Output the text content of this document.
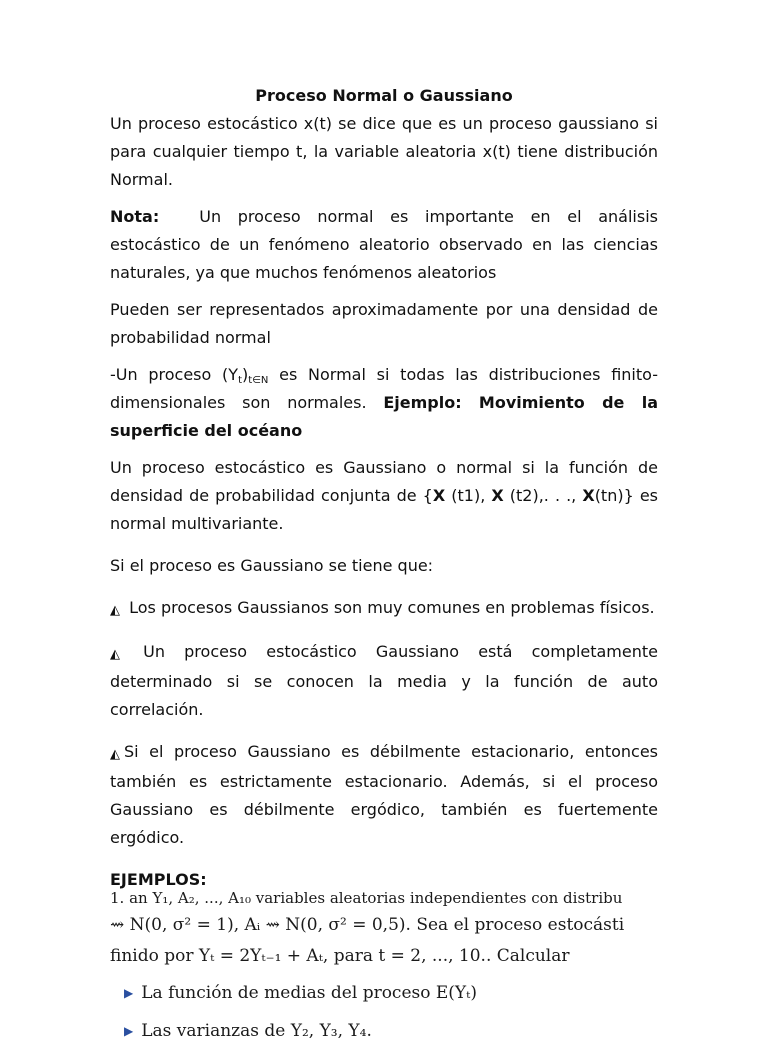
Proceso Normal o Gaussiano

Un proceso estocástico x(t) se dice que es un proceso gaussiano si para cualquier tiempo t, la variable aleatoria x(t) tiene distribución Normal.

Nota:	Un proceso normal es importante en el análisis estocástico de un fenómeno aleatorio observado en las ciencias naturales, ya que muchos fenómenos aleatorios

Pueden ser representados aproximadamente por una densidad de probabilidad normal

-Un proceso $(Y_t)_{t\in N}$ es Normal si todas las distribuciones finito-dimensionales son normales. Ejemplo: Movimiento de la superficie del océano

Un proceso estocástico es Gaussiano o normal si la función de densidad de probabilidad conjunta de {X (t1), X (t2),. . ., X(tn)} es normal multivariante.

Si el proceso es Gaussiano se tiene que:

◭ Los procesos Gaussianos son muy comunes en problemas físicos.

◭ Un proceso estocástico Gaussiano está completamente determinado si se conocen la media y la función de auto correlación.

◭ Si el proceso Gaussiano es débilmente estacionario, entonces también es estrictamente estacionario. Además, si el proceso Gaussiano es débilmente ergódico, también es fuertemente ergódico.

EJEMPLOS:

1. an Y₁, A₂, ..., A₁₀ variables aleatorias independientes con distribu
⇝ N(0, σ² = 1), Aᵢ ⇝ N(0, σ² = 0,5). Sea el proceso estocásti
finido por Yₜ = 2Yₜ₋₁ + Aₜ, para t = 2, ..., 10.. Calcular
▶ La función de medias del proceso E(Yₜ)
▶ Las varianzas de Y₂, Y₃, Y₄.
